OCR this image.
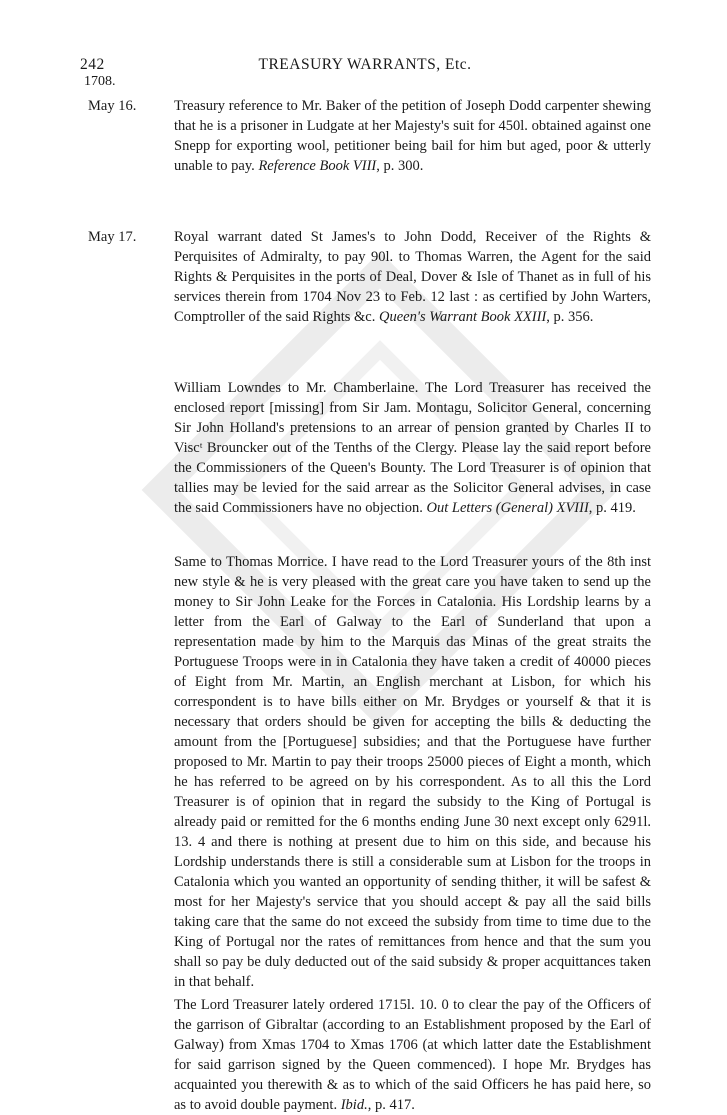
242	TREASURY WARRANTS, Etc.
1708.
May 16.	Treasury reference to Mr. Baker of the petition of Joseph Dodd carpenter shewing that he is a prisoner in Ludgate at her Majesty's suit for 450l. obtained against one Snepp for exporting wool, petitioner being bail for him but aged, poor & utterly unable to pay. Reference Book VIII, p. 300.

May 17.	Royal warrant dated St James's to John Dodd, Receiver of the Rights & Perquisites of Admiralty, to pay 90l. to Thomas Warren, the Agent for the said Rights & Perquisites in the ports of Deal, Dover & Isle of Thanet as in full of his services therein from 1704 Nov 23 to Feb. 12 last : as certified by John Warters, Comptroller of the said Rights &c. Queen's Warrant Book XXIII, p. 356.

William Lowndes to Mr. Chamberlaine. The Lord Treasurer has received the enclosed report [missing] from Sir Jam. Montagu, Solicitor General, concerning Sir John Holland's pretensions to an arrear of pension granted by Charles II to Viscᵗ Brouncker out of the Tenths of the Clergy. Please lay the said report before the Commissioners of the Queen's Bounty. The Lord Treasurer is of opinion that tallies may be levied for the said arrear as the Solicitor General advises, in case the said Commissioners have no objection. Out Letters (General) XVIII, p. 419.

Same to Thomas Morrice. I have read to the Lord Treasurer yours of the 8th inst new style & he is very pleased with the great care you have taken to send up the money to Sir John Leake for the Forces in Catalonia. His Lordship learns by a letter from the Earl of Galway to the Earl of Sunderland that upon a representation made by him to the Marquis das Minas of the great straits the Portuguese Troops were in in Catalonia they have taken a credit of 40000 pieces of Eight from Mr. Martin, an English merchant at Lisbon, for which his correspondent is to have bills either on Mr. Brydges or yourself & that it is necessary that orders should be given for accepting the bills & deducting the amount from the [Portuguese] subsidies; and that the Portuguese have further proposed to Mr. Martin to pay their troops 25000 pieces of Eight a month, which he has referred to be agreed on by his correspondent. As to all this the Lord Treasurer is of opinion that in regard the subsidy to the King of Portugal is already paid or remitted for the 6 months ending June 30 next except only 6291l. 13. 4 and there is nothing at present due to him on this side, and because his Lordship understands there is still a considerable sum at Lisbon for the troops in Catalonia which you wanted an opportunity of sending thither, it will be safest & most for her Majesty's service that you should accept & pay all the said bills taking care that the same do not exceed the subsidy from time to time due to the King of Portugal nor the rates of remittances from hence and that the sum you shall so pay be duly deducted out of the said subsidy & proper acquittances taken in that behalf.

The Lord Treasurer lately ordered 1715l. 10. 0 to clear the pay of the Officers of the garrison of Gibraltar (according to an Establishment proposed by the Earl of Galway) from Xmas 1704 to Xmas 1706 (at which latter date the Establishment for said garrison signed by the Queen commenced). I hope Mr. Brydges has acquainted you therewith & as to which of the said Officers he has paid here, so as to avoid double payment. Ibid., p. 417.
